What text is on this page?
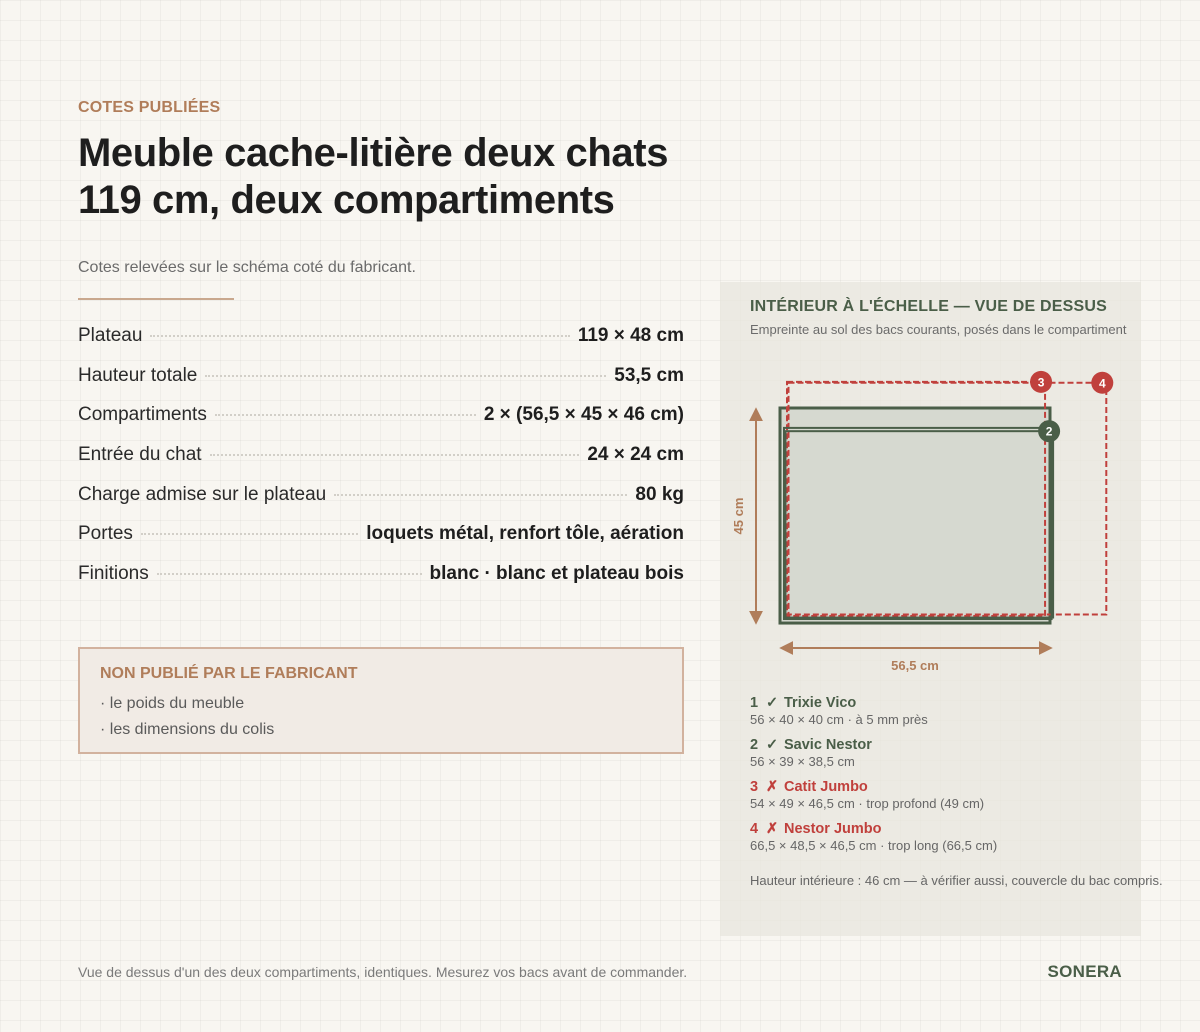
COTES PUBLIÉES
Meuble cache-litière deux chats
119 cm, deux compartiments
Cotes relevées sur le schéma coté du fabricant.
Plateau	119 × 48 cm
Hauteur totale	53,5 cm
Compartiments	2 × (56,5 × 45 × 46 cm)
Entrée du chat	24 × 24 cm
Charge admise sur le plateau	80 kg
Portes	loquets métal, renfort tôle, aération
Finitions	blanc · blanc et plateau bois
NON PUBLIÉ PAR LE FABRICANT
· le poids du meuble
· les dimensions du colis
INTÉRIEUR À L'ÉCHELLE — VUE DE DESSUS
Empreinte au sol des bacs courants, posés dans le compartiment
4
3
2
45 cm
56,5 cm
1 ✓ Trixie Vico
56 × 40 × 40 cm · à 5 mm près
2 ✓ Savic Nestor
56 × 39 × 38,5 cm
3 ✗ Catit Jumbo
54 × 49 × 46,5 cm · trop profond (49 cm)
4 ✗ Nestor Jumbo
66,5 × 48,5 × 46,5 cm · trop long (66,5 cm)
Hauteur intérieure : 46 cm — à vérifier aussi, couvercle du bac compris.
Vue de dessus d'un des deux compartiments, identiques. Mesurez vos bacs avant de commander.	SONERA
